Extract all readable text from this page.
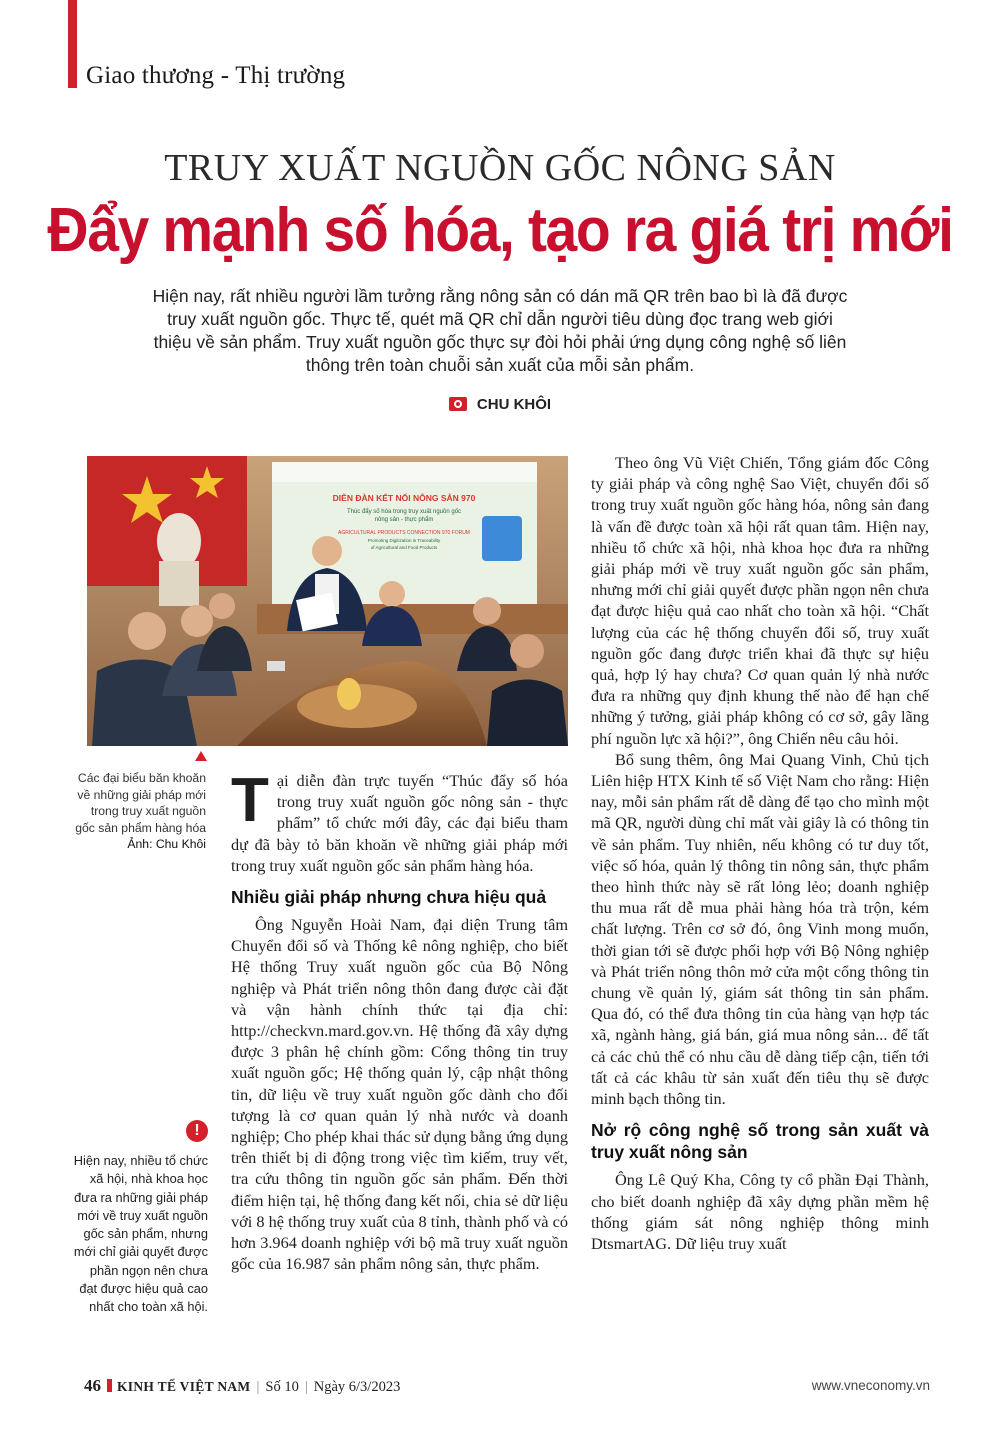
Giao thương - Thị trường
TRUY XUẤT NGUỒN GỐC NÔNG SẢN
Đẩy mạnh số hóa, tạo ra giá trị mới
Hiện nay, rất nhiều người lầm tưởng rằng nông sản có dán mã QR trên bao bì là đã được truy xuất nguồn gốc. Thực tế, quét mã QR chỉ dẫn người tiêu dùng đọc trang web giới thiệu về sản phẩm. Truy xuất nguồn gốc thực sự đòi hỏi phải ứng dụng công nghệ số liên thông trên toàn chuỗi sản xuất của mỗi sản phẩm.
CHU KHÔI
DIỄN ĐÀN KẾT NỐI NÔNG SẢN 970
Thúc đẩy số hóa trong truy xuất nguồn gốc
nông sản - thực phẩm
AGRICULTURAL PRODUCTS CONNECTION 970 FORUM
Promoting Digitization in Traceability
of Agricultural and Food Products
Các đại biểu băn khoăn về những giải pháp mới trong truy xuất nguồn gốc sản phẩm hàng hóa
Ảnh: Chu Khôi
!
Hiện nay, nhiều tổ chức xã hội, nhà khoa học đưa ra những giải pháp mới về truy xuất nguồn gốc sản phẩm, nhưng mới chỉ giải quyết được phần ngọn nên chưa đạt được hiệu quả cao nhất cho toàn xã hội.

Tại diễn đàn trực tuyến “Thúc đẩy số hóa trong truy xuất nguồn gốc nông sản - thực phẩm” tổ chức mới đây, các đại biểu tham dự đã bày tỏ băn khoăn về những giải pháp mới trong truy xuất nguồn gốc sản phẩm hàng hóa.

Nhiều giải pháp nhưng chưa hiệu quả

Ông Nguyễn Hoài Nam, đại diện Trung tâm Chuyển đổi số và Thống kê nông nghiệp, cho biết Hệ thống Truy xuất nguồn gốc của Bộ Nông nghiệp và Phát triển nông thôn đang được cài đặt và vận hành chính thức tại địa chỉ: http://checkvn.mard.gov.vn. Hệ thống đã xây dựng được 3 phân hệ chính gồm: Cổng thông tin truy xuất nguồn gốc; Hệ thống quản lý, cập nhật thông tin, dữ liệu về truy xuất nguồn gốc dành cho đối tượng là cơ quan quản lý nhà nước và doanh nghiệp; Cho phép khai thác sử dụng bằng ứng dụng trên thiết bị di động trong việc tìm kiếm, truy vết, tra cứu thông tin nguồn gốc sản phẩm. Đến thời điểm hiện tại, hệ thống đang kết nối, chia sẻ dữ liệu với 8 hệ thống truy xuất của 8 tỉnh, thành phố và có hơn 3.964 doanh nghiệp với bộ mã truy xuất nguồn gốc của 16.987 sản phẩm nông sản, thực phẩm.

Theo ông Vũ Việt Chiến, Tổng giám đốc Công ty giải pháp và công nghệ Sao Việt, chuyển đổi số trong truy xuất nguồn gốc hàng hóa, nông sản đang là vấn đề được toàn xã hội rất quan tâm. Hiện nay, nhiều tổ chức xã hội, nhà khoa học đưa ra những giải pháp mới về truy xuất nguồn gốc sản phẩm, nhưng mới chỉ giải quyết được phần ngọn nên chưa đạt được hiệu quả cao nhất cho toàn xã hội. “Chất lượng của các hệ thống chuyển đổi số, truy xuất nguồn gốc đang được triển khai đã thực sự hiệu quả, hợp lý hay chưa? Cơ quan quản lý nhà nước đưa ra những quy định khung thế nào để hạn chế những ý tưởng, giải pháp không có cơ sở, gây lãng phí nguồn lực xã hội?”, ông Chiến nêu câu hỏi.

Bổ sung thêm, ông Mai Quang Vinh, Chủ tịch Liên hiệp HTX Kinh tế số Việt Nam cho rằng: Hiện nay, mỗi sản phẩm rất dễ dàng để tạo cho mình một mã QR, người dùng chỉ mất vài giây là có thông tin về sản phẩm. Tuy nhiên, nếu không có tư duy tốt, việc số hóa, quản lý thông tin nông sản, thực phẩm theo hình thức này sẽ rất lỏng lẻo; doanh nghiệp thu mua rất dễ mua phải hàng hóa trà trộn, kém chất lượng. Trên cơ sở đó, ông Vinh mong muốn, thời gian tới sẽ được phối hợp với Bộ Nông nghiệp và Phát triển nông thôn mở cửa một cổng thông tin chung về quản lý, giám sát thông tin sản phẩm. Qua đó, có thể đưa thông tin của hàng vạn hợp tác xã, ngành hàng, giá bán, giá mua nông sản... để tất cả các chủ thể có nhu cầu dễ dàng tiếp cận, tiến tới tất cả các khâu từ sản xuất đến tiêu thụ sẽ được minh bạch thông tin.

Nở rộ công nghệ số trong sản xuất và truy xuất nông sản

Ông Lê Quý Kha, Công ty cổ phần Đại Thành, cho biết doanh nghiệp đã xây dựng phần mềm hệ thống giám sát nông nghiệp thông minh DtsmartAG. Dữ liệu truy xuất

46 KINH TẾ VIỆT NAM | Số 10 | Ngày 6/3/2023	www.vneconomy.vn
